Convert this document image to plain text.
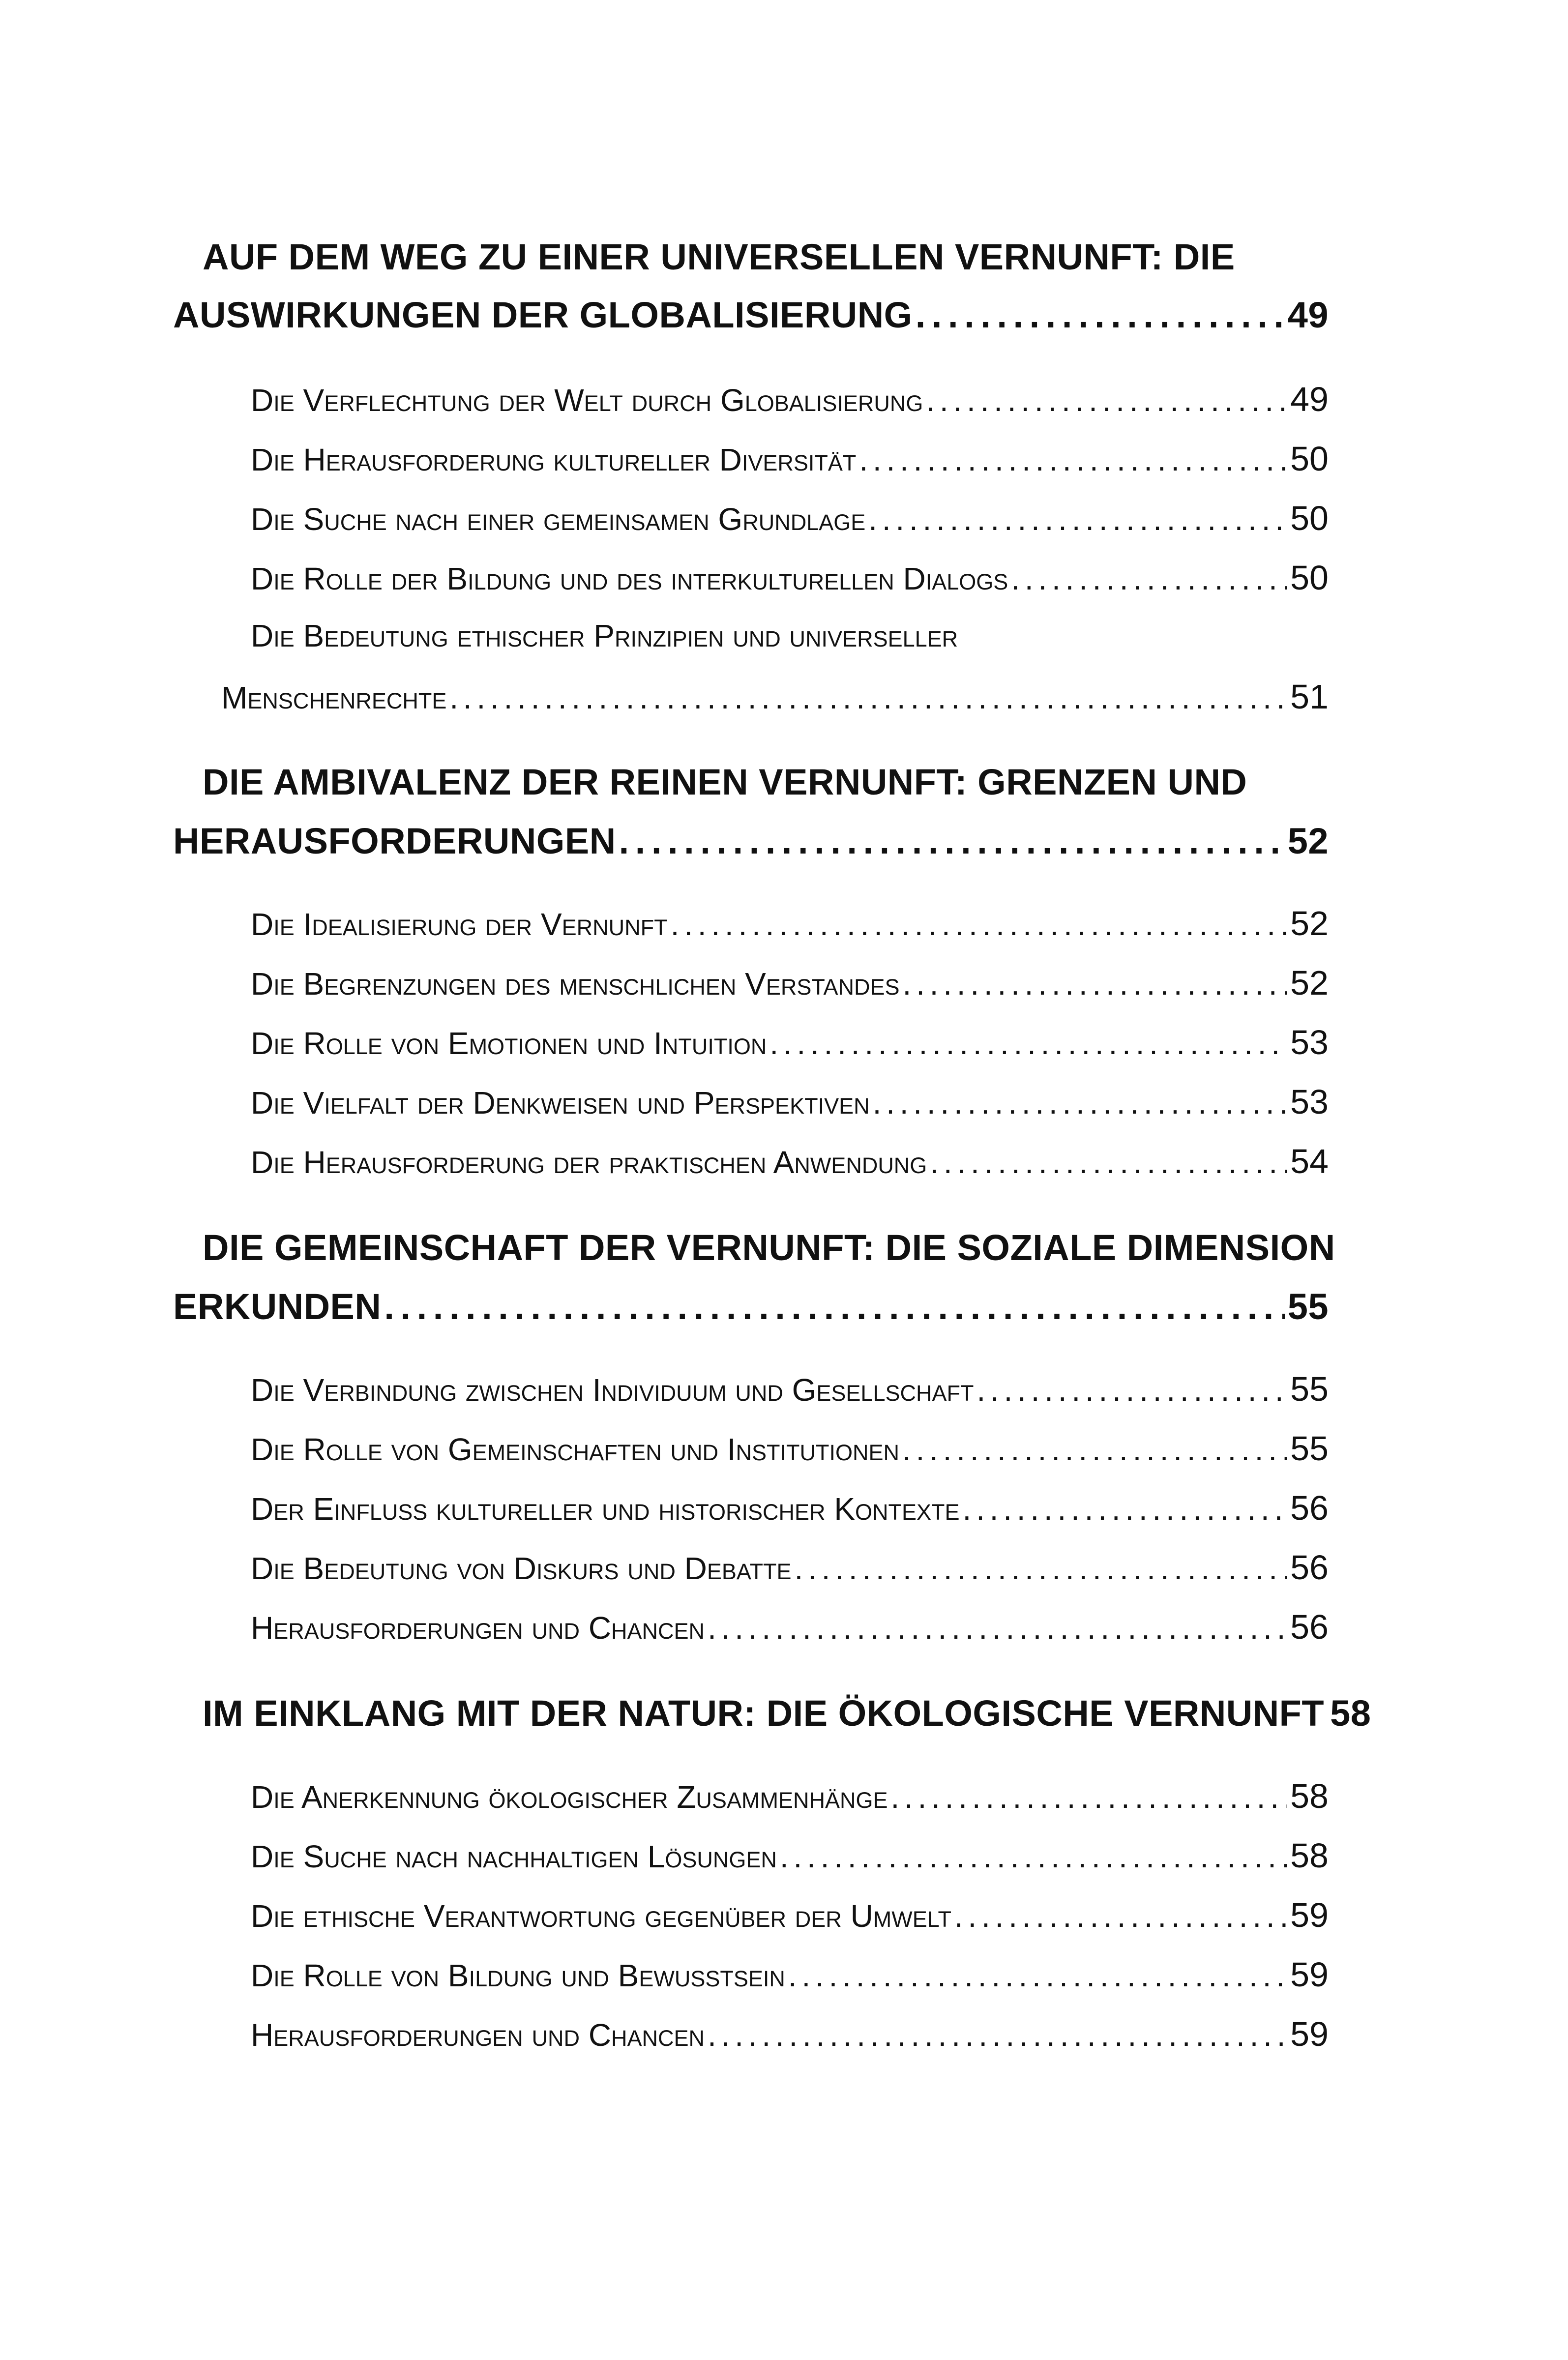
AUF DEM WEG ZU EINER UNIVERSELLEN VERNUNFT: DIE
AUSWIRKUNGEN DER GLOBALISIERUNG . . .	49
Die Verflechtung der Welt durch Globalisierung . . .	49
Die Herausforderung kultureller Diversität . . .	50
Die Suche nach einer gemeinsamen Grundlage . . .	50
Die Rolle der Bildung und des interkulturellen Dialogs . . .	50
Die Bedeutung ethischer Prinzipien und universeller
Menschenrechte . . .	51
DIE AMBIVALENZ DER REINEN VERNUNFT: GRENZEN UND
HERAUSFORDERUNGEN . . .	52
Die Idealisierung der Vernunft . . .	52
Die Begrenzungen des menschlichen Verstandes . . .	52
Die Rolle von Emotionen und Intuition . . .	53
Die Vielfalt der Denkweisen und Perspektiven . . .	53
Die Herausforderung der praktischen Anwendung . . .	54
DIE GEMEINSCHAFT DER VERNUNFT: DIE SOZIALE DIMENSION
ERKUNDEN . . .	55
Die Verbindung zwischen Individuum und Gesellschaft . . .	55
Die Rolle von Gemeinschaften und Institutionen . . .	55
Der Einfluss kultureller und historischer Kontexte . . .	56
Die Bedeutung von Diskurs und Debatte . . .	56
Herausforderungen und Chancen . . .	56
IM EINKLANG MIT DER NATUR: DIE ÖKOLOGISCHE VERNUNFT 58
Die Anerkennung ökologischer Zusammenhänge . . .	58
Die Suche nach nachhaltigen Lösungen . . .	58
Die ethische Verantwortung gegenüber der Umwelt . . .	59
Die Rolle von Bildung und Bewusstsein . . .	59
Herausforderungen und Chancen . . .	59
